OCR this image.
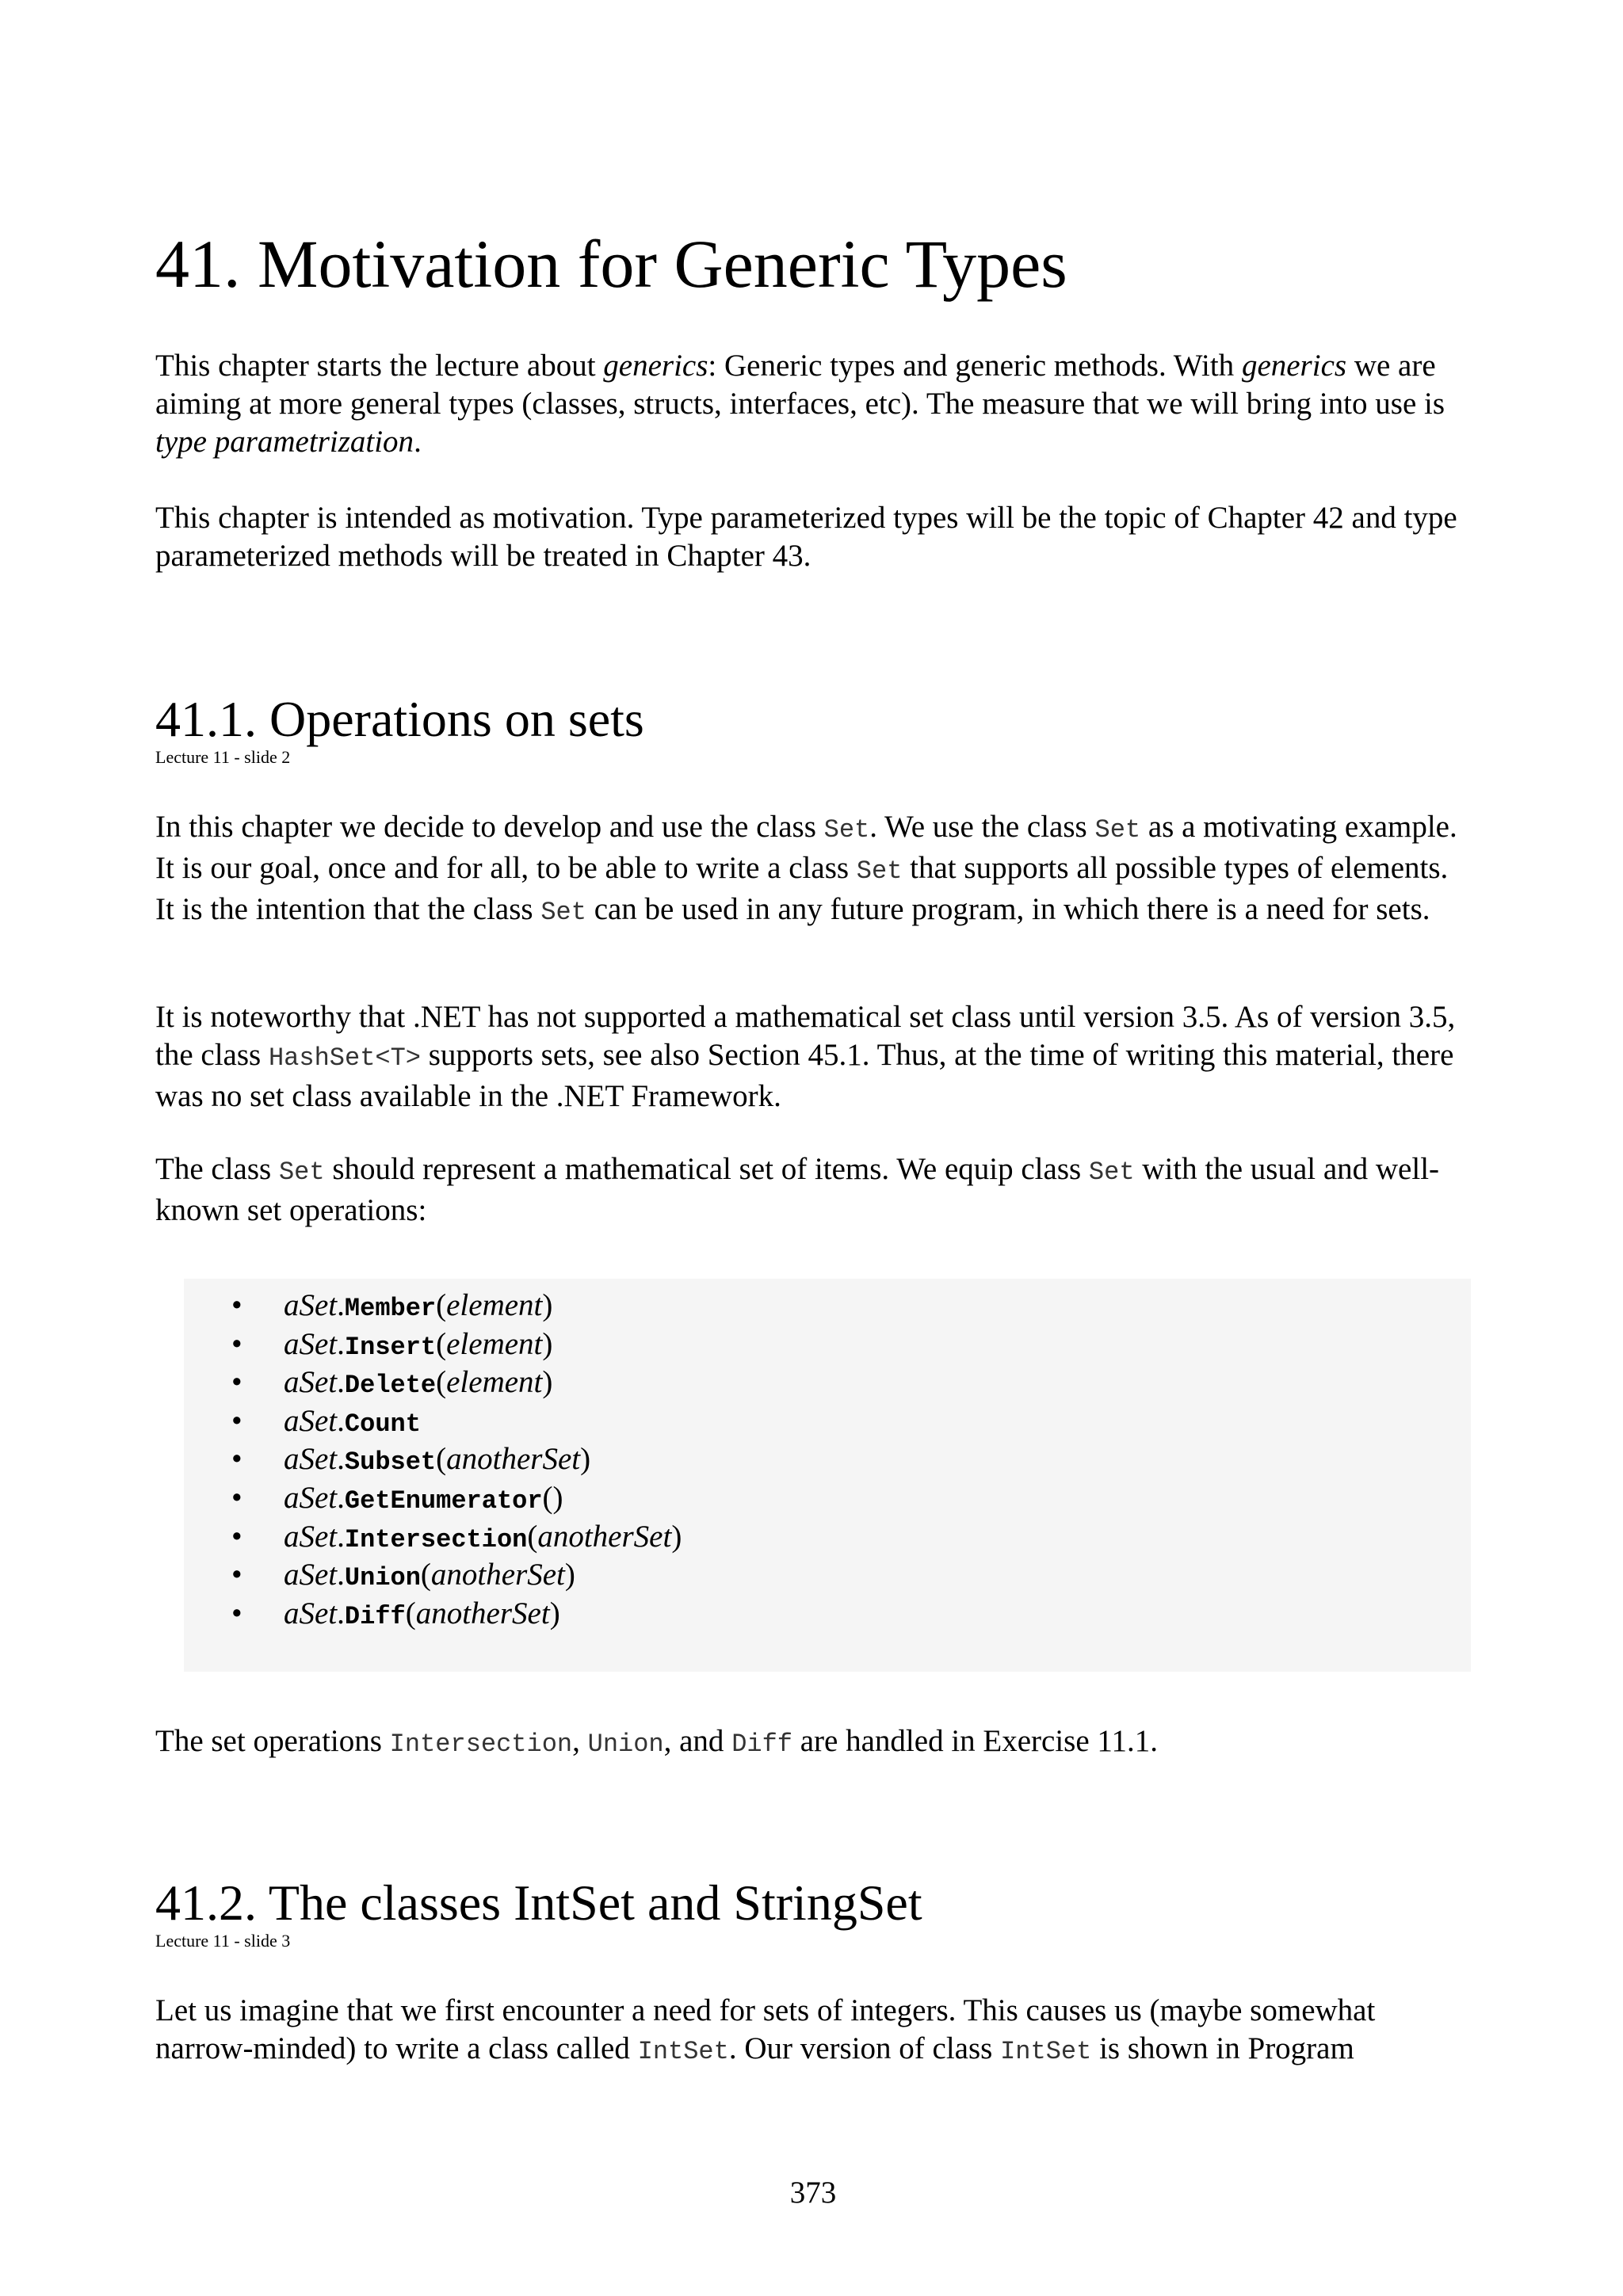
41. Motivation for Generic Types

This chapter starts the lecture about generics: Generic types and generic methods. With generics we are aiming at more general types (classes, structs, interfaces, etc). The measure that we will bring into use is type parametrization.

This chapter is intended as motivation. Type parameterized types will be the topic of Chapter 42 and type parameterized methods will be treated in Chapter 43.

41.1. Operations on sets
Lecture 11 - slide 2

In this chapter we decide to develop and use the class Set. We use the class Set as a motivating example. It is our goal, once and for all, to be able to write a class Set that supports all possible types of elements. It is the intention that the class Set can be used in any future program, in which there is a need for sets.

It is noteworthy that .NET has not supported a mathematical set class until version 3.5. As of version 3.5, the class HashSet<T> supports sets, see also Section 45.1. Thus, at the time of writing this material, there was no set class available in the .NET Framework.

The class Set should represent a mathematical set of items. We equip class Set with the usual and well-known set operations:

• aSet.Member(element)
• aSet.Insert(element)
• aSet.Delete(element)
• aSet.Count
• aSet.Subset(anotherSet)
• aSet.GetEnumerator()
• aSet.Intersection(anotherSet)
• aSet.Union(anotherSet)
• aSet.Diff(anotherSet)

The set operations Intersection, Union, and Diff are handled in Exercise 11.1.

41.2. The classes IntSet and StringSet
Lecture 11 - slide 3

Let us imagine that we first encounter a need for sets of integers. This causes us (maybe somewhat narrow-minded) to write a class called IntSet. Our version of class IntSet is shown in Program

373
